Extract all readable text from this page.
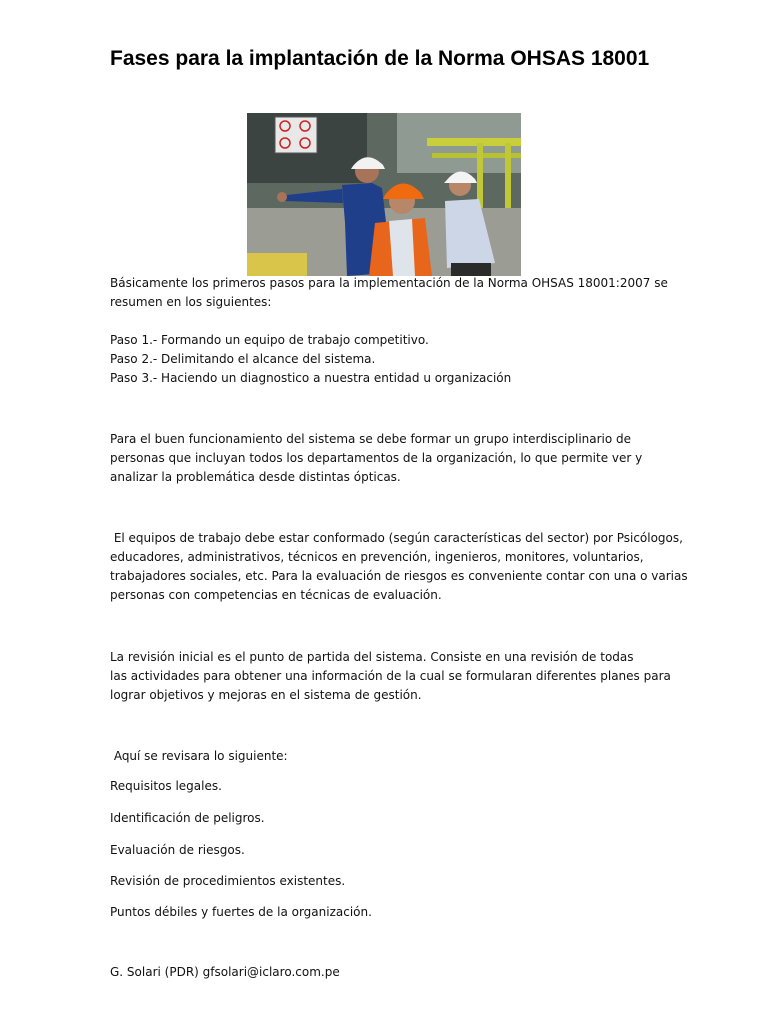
Fases para la implantación de la Norma OHSAS 18001

Básicamente los primeros pasos para la implementación de la Norma OHSAS 18001:2007 se
resumen en los siguientes:

Paso 1.- Formando un equipo de trabajo competitivo.
Paso 2.- Delimitando el alcance del sistema.
Paso 3.- Haciendo un diagnostico a nuestra entidad u organización

Para el buen funcionamiento del sistema se debe formar un grupo interdisciplinario de
personas que incluyan todos los departamentos de la organización, lo que permite ver y
analizar la problemática desde distintas ópticas.

El equipos de trabajo debe estar conformado (según características del sector) por Psicólogos,
educadores, administrativos, técnicos en prevención, ingenieros, monitores, voluntarios,
trabajadores sociales, etc. Para la evaluación de riesgos es conveniente contar con una o varias
personas con competencias en técnicas de evaluación.

La revisión inicial es el punto de partida del sistema. Consiste en una revisión de todas
las actividades para obtener una información de la cual se formularan diferentes planes para
lograr objetivos y mejoras en el sistema de gestión.

Aquí se revisara lo siguiente:

Requisitos legales.

Identificación de peligros.

Evaluación de riesgos.

Revisión de procedimientos existentes.

Puntos débiles y fuertes de la organización.

G. Solari (PDR) gfsolari@iclaro.com.pe
